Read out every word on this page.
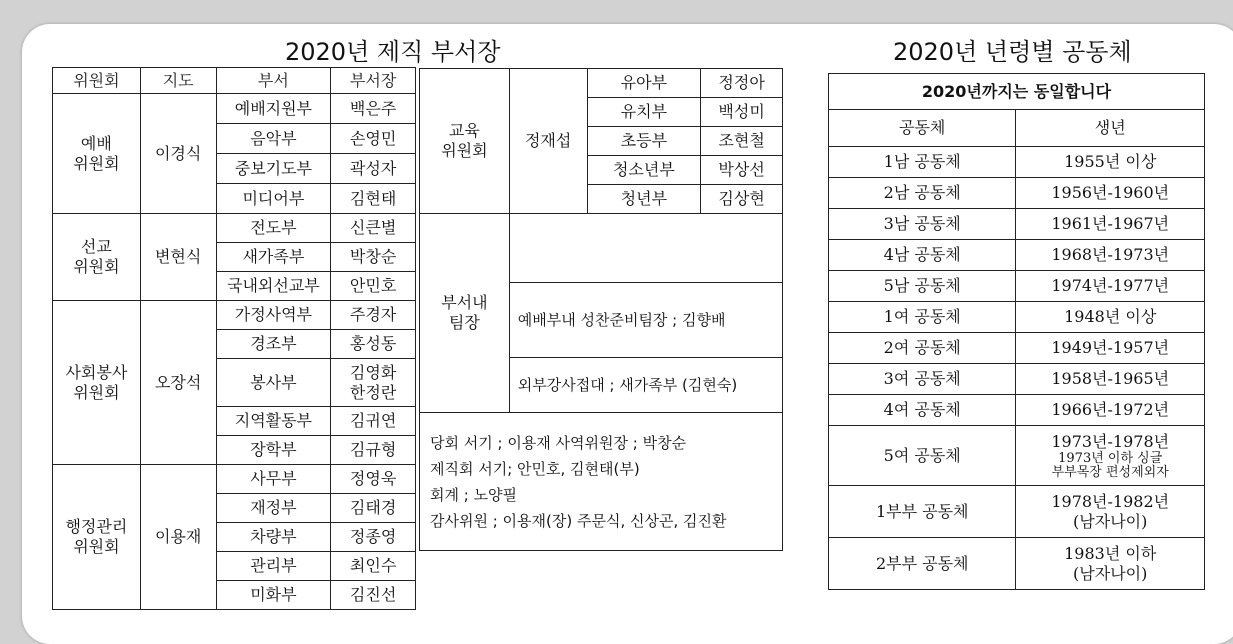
2020년 제직 부서장	2020년 년령별 공동체
위원회	지도	부서	부서장

예배
위원회	이경식	예배지원부	백은주
		음악부	손영민
		중보기도부	곽성자
		미디어부	김현태

선교
위원회	변현식	전도부	신큰별
		새가족부	박창순
		국내외선교부	안민호

사회봉사
위원회	오장석	가정사역부	주경자
		경조부	홍성동
		봉사부	김영화
한정란

		지역활동부	김귀연
		장학부	김규형

행정관리
위원회	이용재	사무부	정영욱
		재정부	김태경
		차량부	정종영
		관리부	최인수
		미화부	김진선
교육
위원회	정재섭	유아부	정정아
		유치부	백성미
		초등부	조현철
		청소년부	박상선
		청년부	김상현

부서내
팀장			

	예배부내 성찬준비팀장 ; 김향배		
	외부강사접대 ; 새가족부 (김현숙)		

당회 서기 ; 이용재 사역위원장 ; 박창순
제직회 서기; 안민호, 김현태(부)
회계 ; 노양필
감사위원 ; 이용재(장) 주문식, 신상곤, 김진환			
2020년까지는 동일합니다	
공동체	생년
1남 공동체	1955년 이상
2남 공동체	1956년-1960년
3남 공동체	1961년-1967년
4남 공동체	1968년-1973년
5남 공동체	1974년-1977년
1여 공동체	1948년 이상
2여 공동체	1949년-1957년
3여 공동체	1958년-1965년
4여 공동체	1966년-1972년
5여 공동체	1973년-1978년
1973년 이하 싱글
부부목장 편성제외자

1부부 공동체	1978년-1982년
(남자나이)

2부부 공동체	1983년 이하
(남자나이)
